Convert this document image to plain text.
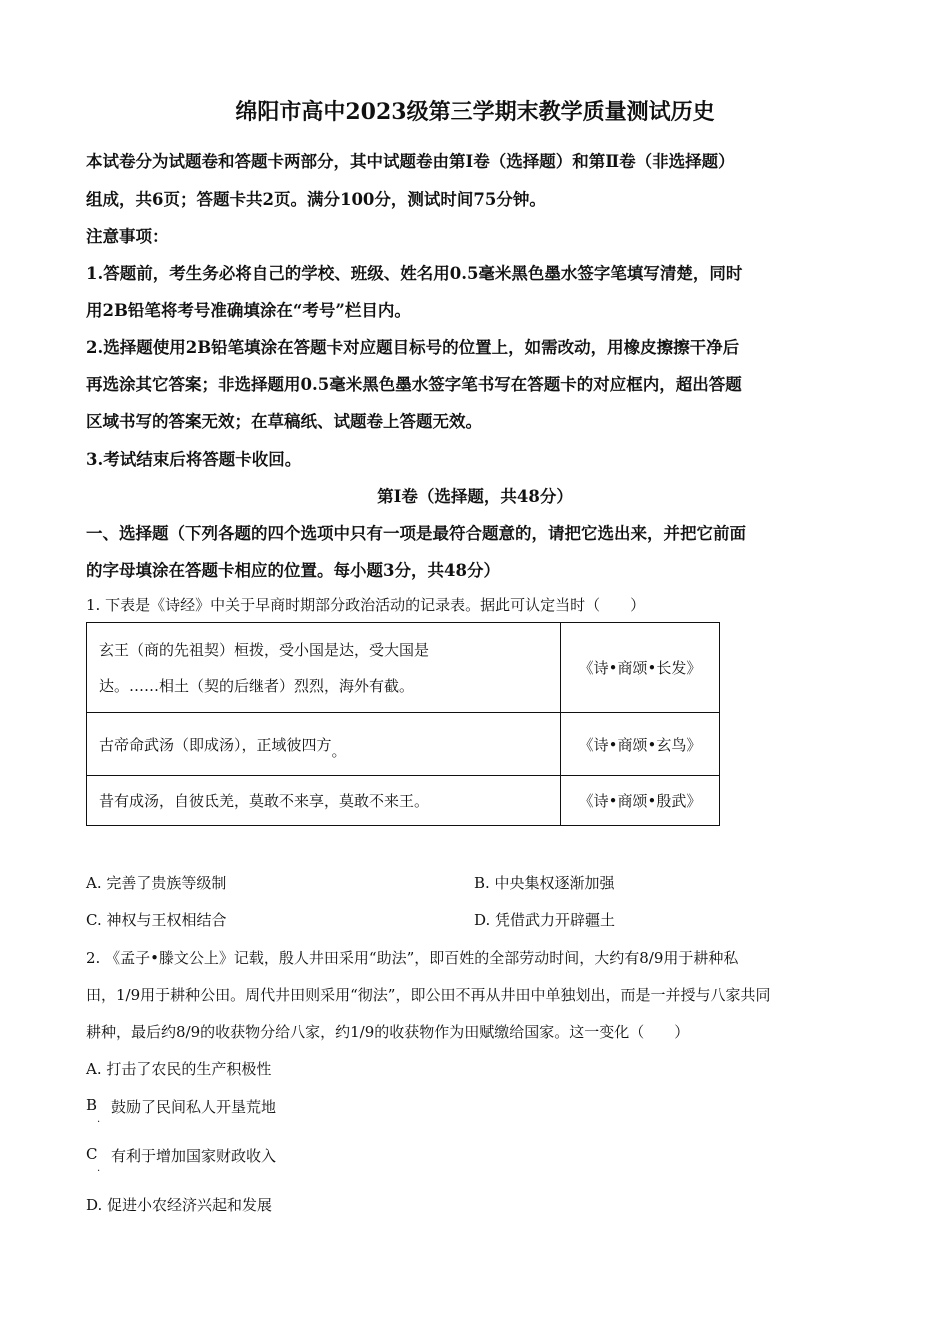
绵阳市高中2023级第三学期末教学质量测试历史
本试卷分为试题卷和答题卡两部分，其中试题卷由第Ⅰ卷（选择题）和第Ⅱ卷（非选择题）
组成，共6页；答题卡共2页。满分100分，测试时间75分钟。
注意事项：
1.答题前，考生务必将自己的学校、班级、姓名用0.5毫米黑色墨水签字笔填写清楚，同时
用2B铅笔将考号准确填涂在“考号”栏目内。
2.选择题使用2B铅笔填涂在答题卡对应题目标号的位置上，如需改动，用橡皮擦擦干净后
再选涂其它答案；非选择题用0.5毫米黑色墨水签字笔书写在答题卡的对应框内，超出答题
区域书写的答案无效；在草稿纸、试题卷上答题无效。
3.考试结束后将答题卡收回。
第Ⅰ卷（选择题，共48分）
一、选择题（下列各题的四个选项中只有一项是最符合题意的，请把它选出来，并把它前面
的字母填涂在答题卡相应的位置。每小题3分，共48分）
1. 下表是《诗经》中关于早商时期部分政治活动的记录表。据此可认定当时（　　）
玄王（商的先祖契）桓拨，受小国是达，受大国是
达。……相土（契的后继者）烈烈，海外有截。	《诗•商颂•长发》
古帝命武汤（即成汤），正域彼四方。	《诗•商颂•玄鸟》
昔有成汤，自彼氐羌，莫敢不来享，莫敢不来王。	《诗•商颂•殷武》
A. 完善了贵族等级制	B. 中央集权逐渐加强
C. 神权与王权相结合	D. 凭借武力开辟疆土
2. 《孟子•滕文公上》记载，殷人井田采用“助法”，即百姓的全部劳动时间，大约有8/9用于耕种私
田，1/9用于耕种公田。周代井田则采用“彻法”，即公田不再从井田中单独划出，而是一并授与八家共同
耕种，最后约8/9的收获物分给八家，约1/9的收获物作为田赋缴给国家。这一变化（　　）
A. 打击了农民的生产积极性
B
.
鼓励了民间私人开垦荒地
C
.
有利于增加国家财政收入
D. 促进小农经济兴起和发展
